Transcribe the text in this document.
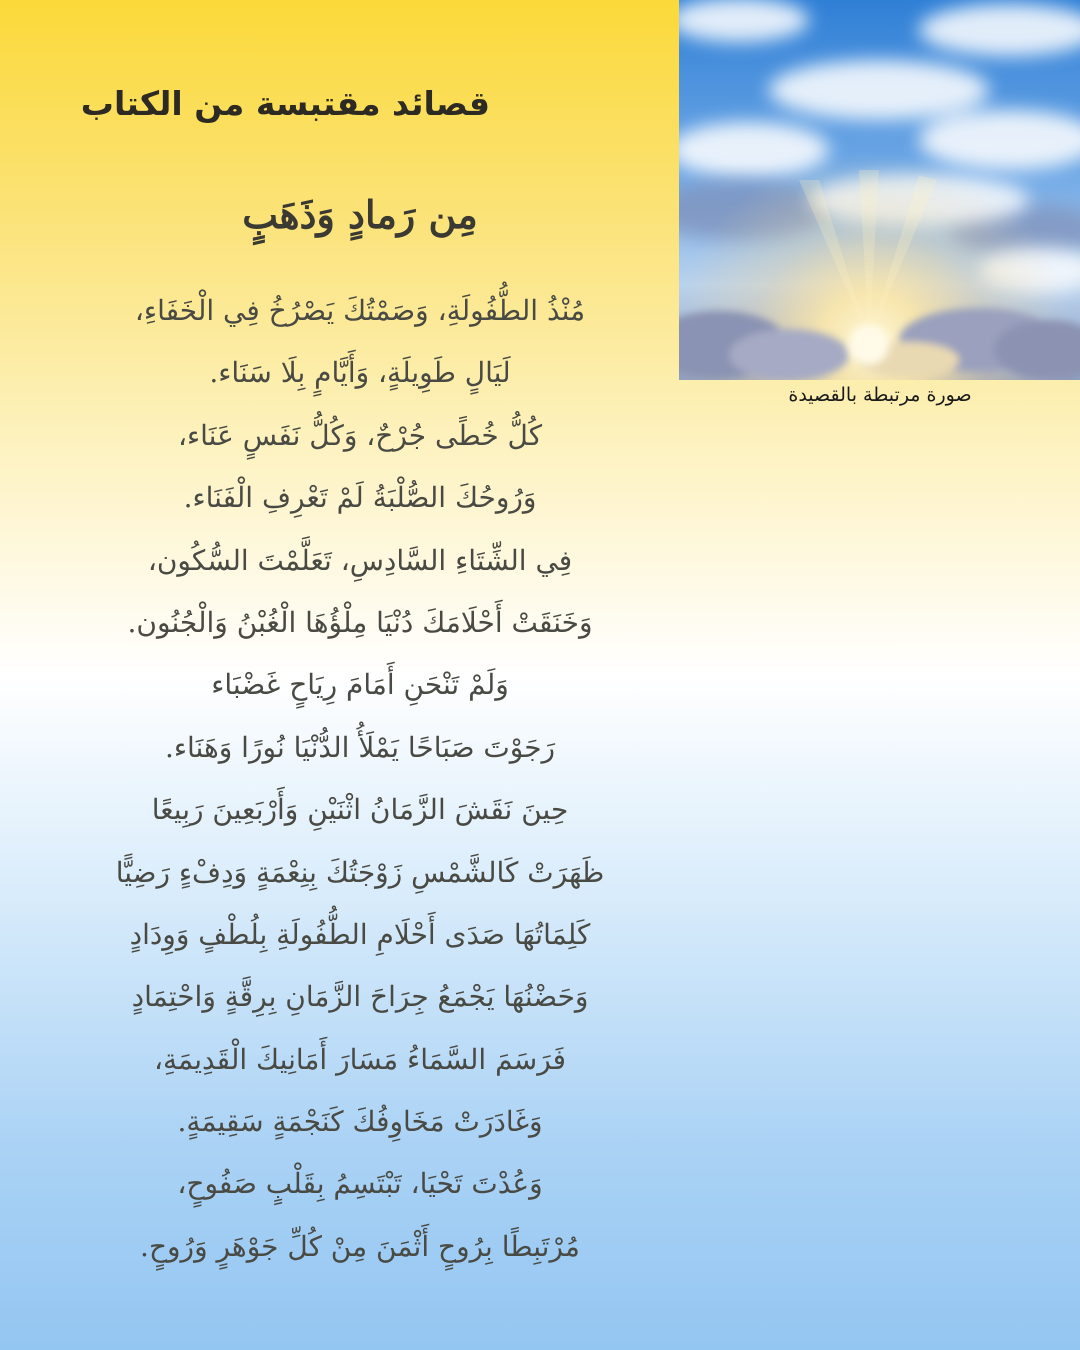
قصائد مقتبسة من الكتاب
صورة مرتبطة بالقصيدة
مِن رَمادٍ وَذَهَبٍ
مُنْذُ الطُّفُولَةِ، وَصَمْتُكَ يَصْرُخُ فِي الْخَفَاءِ،
لَيَالٍ طَوِيلَةٍ، وَأَيَّامٍ بِلَا سَنَاء.
كُلُّ خُطًى جُرْحٌ، وَكُلُّ نَفَسٍ عَنَاء،
وَرُوحُكَ الصُّلْبَةُ لَمْ تَعْرِفِ الْفَنَاء.
فِي الشِّتَاءِ السَّادِسِ، تَعَلَّمْتَ السُّكُون،
وَخَنَقَتْ أَحْلَامَكَ دُنْيَا مِلْؤُهَا الْغُبْنُ وَالْجُنُون.
وَلَمْ تَنْحَنِ أَمَامَ رِيَاحٍ غَضْبَاء
رَجَوْتَ صَبَاحًا يَمْلَأُ الدُّنْيَا نُورًا وَهَنَاء.
حِينَ نَقَشَ الزَّمَانُ اثْنَيْنِ وَأَرْبَعِينَ رَبِيعًا
ظَهَرَتْ كَالشَّمْسِ زَوْجَتُكَ بِنِعْمَةٍ وَدِفْءٍ رَضِيًّا
كَلِمَاتُهَا صَدَى أَحْلَامِ الطُّفُولَةِ بِلُطْفٍ وَوِدَادٍ
وَحَضْنُهَا يَجْمَعُ جِرَاحَ الزَّمَانِ بِرِقَّةٍ وَاحْتِمَادٍ
فَرَسَمَ السَّمَاءُ مَسَارَ أَمَانِيكَ الْقَدِيمَةِ،
وَغَادَرَتْ مَخَاوِفُكَ كَنَجْمَةٍ سَقِيمَةٍ.
وَعُدْتَ تَحْيَا، تَبْتَسِمُ بِقَلْبٍ صَفُوحٍ،
مُرْتَبِطًا بِرُوحٍ أَثْمَنَ مِنْ كُلِّ جَوْهَرٍ وَرُوحٍ.
